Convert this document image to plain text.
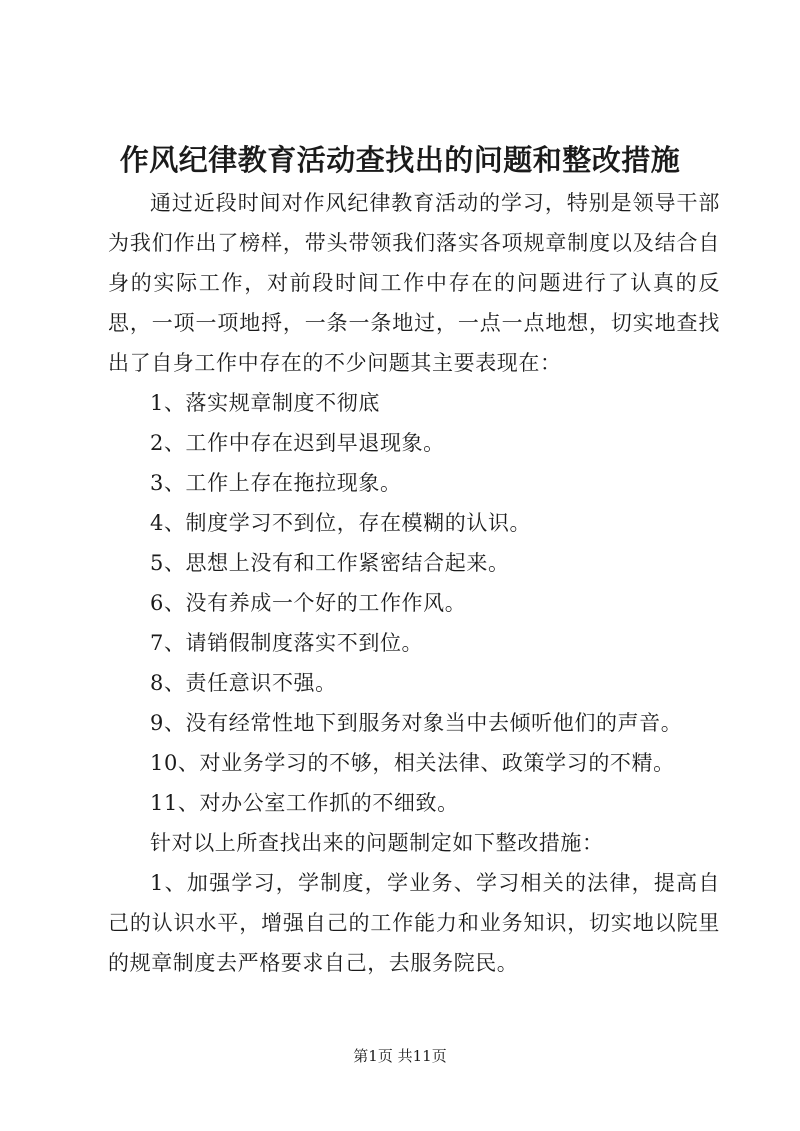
作风纪律教育活动查找出的问题和整改措施

通过近段时间对作风纪律教育活动的学习，特别是领导干部为我们作出了榜样，带头带领我们落实各项规章制度以及结合自身的实际工作，对前段时间工作中存在的问题进行了认真的反思，一项一项地捋，一条一条地过，一点一点地想，切实地查找出了自身工作中存在的不少问题其主要表现在：

1、落实规章制度不彻底

2、工作中存在迟到早退现象。

3、工作上存在拖拉现象。

4、制度学习不到位，存在模糊的认识。

5、思想上没有和工作紧密结合起来。

6、没有养成一个好的工作作风。

7、请销假制度落实不到位。

8、责任意识不强。

9、没有经常性地下到服务对象当中去倾听他们的声音。

10、对业务学习的不够，相关法律、政策学习的不精。

11、对办公室工作抓的不细致。

针对以上所查找出来的问题制定如下整改措施：

1、加强学习，学制度，学业务、学习相关的法律，提高自己的认识水平，增强自己的工作能力和业务知识，切实地以院里的规章制度去严格要求自己，去服务院民。

第1页 共11页
